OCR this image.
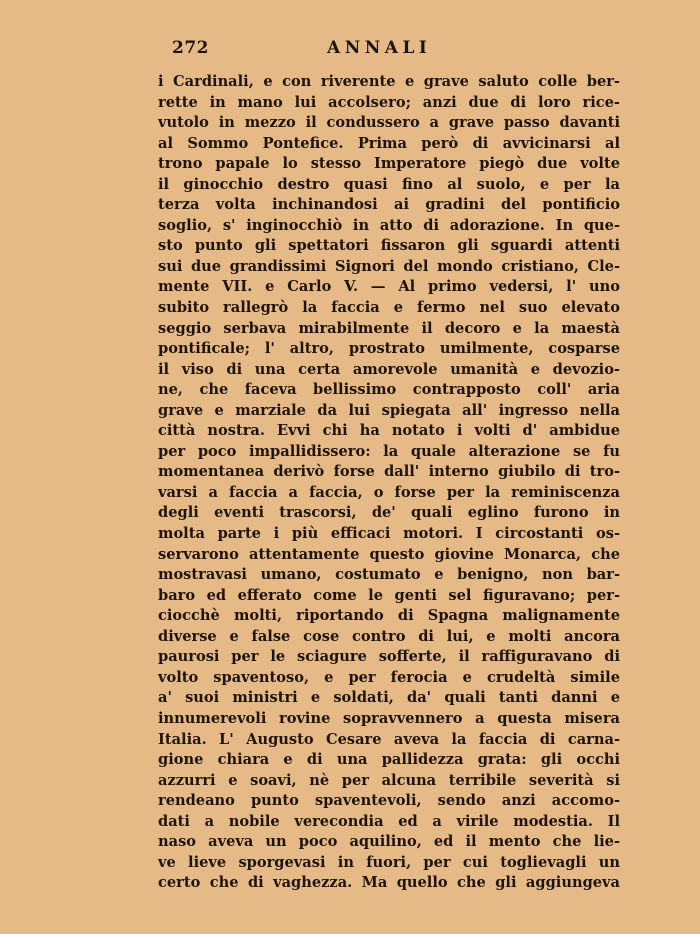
272	ANNALI
i Cardinali, e con riverente e grave saluto colle ber-
rette in mano lui accolsero; anzi due di loro rice-
vutolo in mezzo il condussero a grave passo davanti
al Sommo Pontefice. Prima però di avvicinarsi al
trono papale lo stesso Imperatore piegò due volte
il ginocchio destro quasi fino al suolo, e per la
terza volta inchinandosi ai gradini del pontificio
soglio, s' inginocchiò in atto di adorazione. In que-
sto punto gli spettatori fissaron gli sguardi attenti
sui due grandissimi Signori del mondo cristiano, Cle-
mente VII. e Carlo V. — Al primo vedersi, l' uno
subito rallegrò la faccia e fermo nel suo elevato
seggio serbava mirabilmente il decoro e la maestà
pontificale; l' altro, prostrato umilmente, cosparse
il viso di una certa amorevole umanità e devozio-
ne, che faceva bellissimo contrapposto coll' aria
grave e marziale da lui spiegata all' ingresso nella
città nostra. Evvi chi ha notato i volti d' ambidue
per poco impallidissero: la quale alterazione se fu
momentanea derivò forse dall' interno giubilo di tro-
varsi a faccia a faccia, o forse per la reminiscenza
degli eventi trascorsi, de' quali eglino furono in
molta parte i più efficaci motori. I circostanti os-
servarono attentamente questo giovine Monarca, che
mostravasi umano, costumato e benigno, non bar-
baro ed efferato come le genti sel figuravano; per-
ciocchè molti, riportando di Spagna malignamente
diverse e false cose contro di lui, e molti ancora
paurosi per le sciagure sofferte, il raffiguravano di
volto spaventoso, e per ferocia e crudeltà simile
a' suoi ministri e soldati, da' quali tanti danni e
innumerevoli rovine sopravvennero a questa misera
Italia. L' Augusto Cesare aveva la faccia di carna-
gione chiara e di una pallidezza grata: gli occhi
azzurri e soavi, nè per alcuna terribile severità si
rendeano punto spaventevoli, sendo anzi accomo-
dati a nobile verecondia ed a virile modestia. Il
naso aveva un poco aquilino, ed il mento che lie-
ve lieve sporgevasi in fuori, per cui toglievagli un
certo che di vaghezza. Ma quello che gli aggiungeva
